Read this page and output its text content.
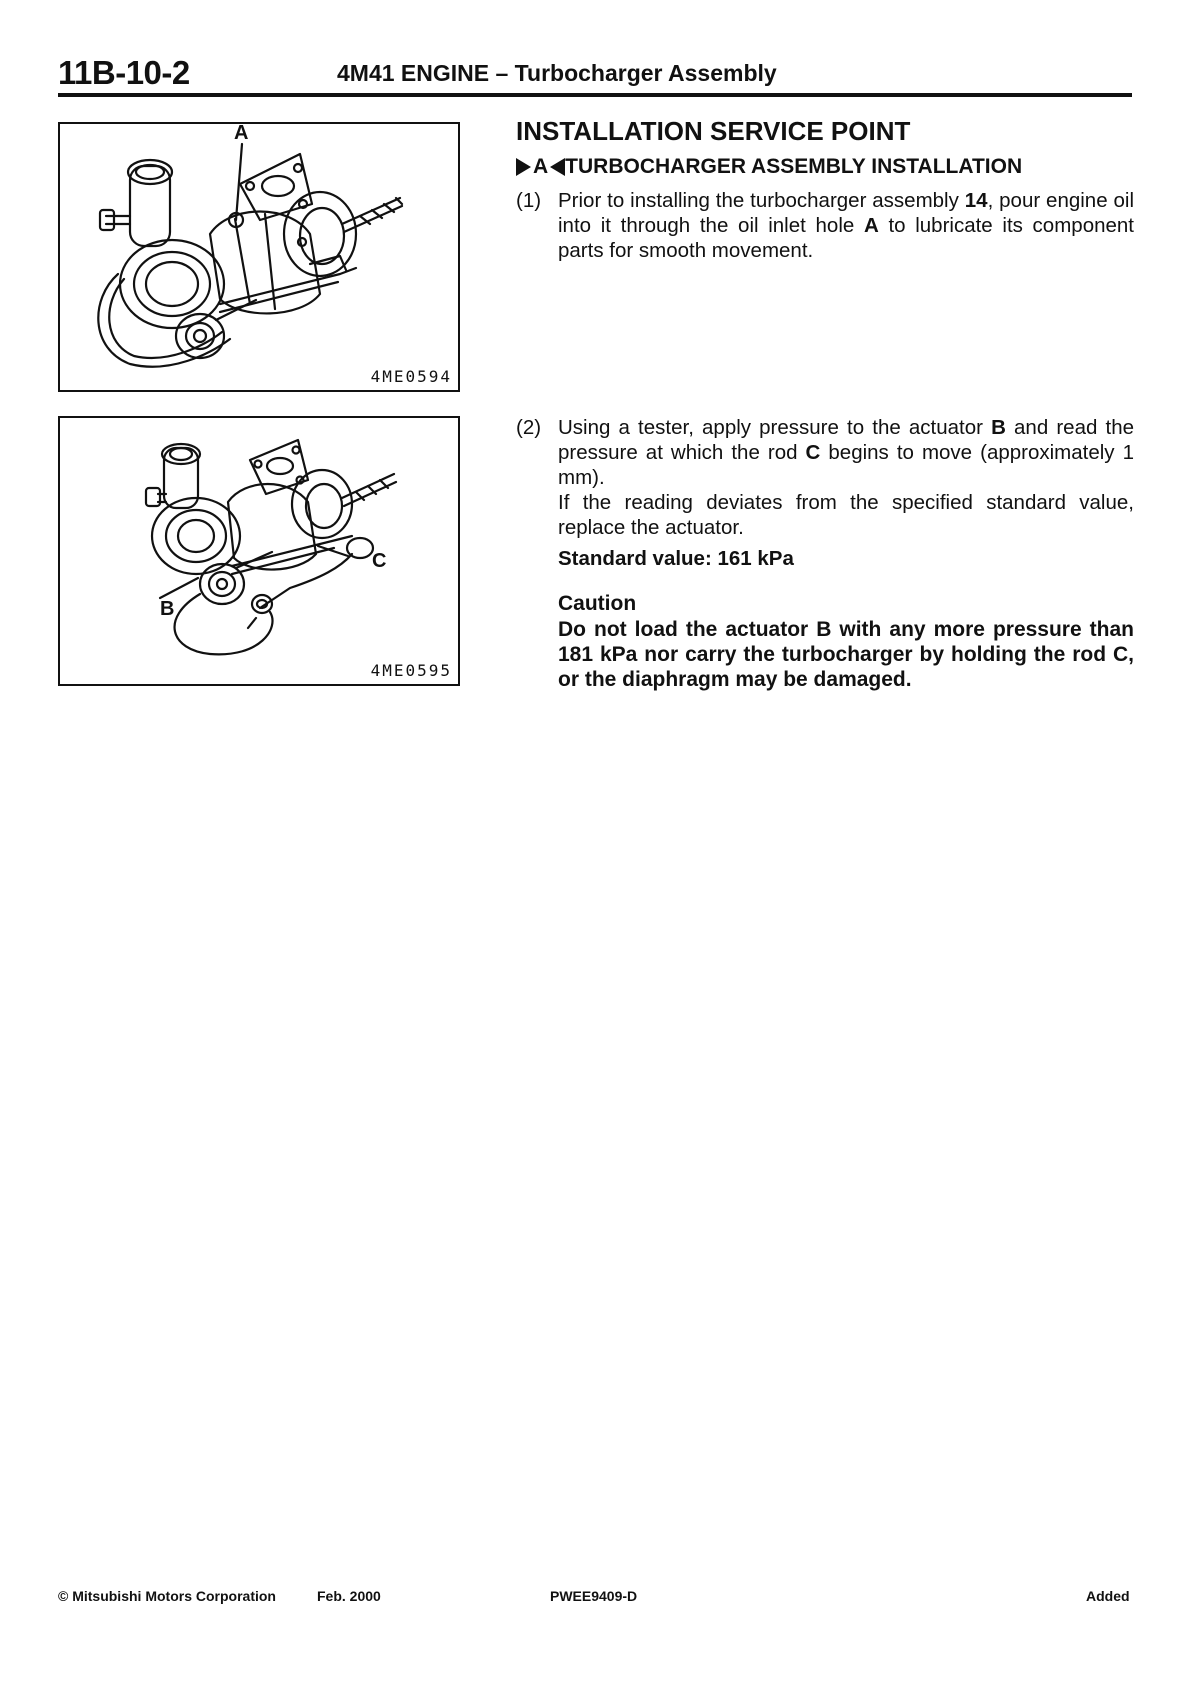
11B-10-2	4M41 ENGINE – Turbocharger Assembly
A
4ME0594
B
C
4ME0595
INSTALLATION SERVICE POINT
A TURBOCHARGER ASSEMBLY INSTALLATION
(1) Prior to installing the turbocharger assembly 14, pour engine oil into it through the oil inlet hole A to lubricate its component parts for smooth movement.
(2) Using a tester, apply pressure to the actuator B and read the pressure at which the rod C begins to move (approximately 1 mm).
If the reading deviates from the specified standard value, replace the actuator.
Standard value: 161 kPa
Caution
Do not load the actuator B with any more pressure than 181 kPa nor carry the turbocharger by holding the rod C, or the diaphragm may be damaged.
© Mitsubishi Motors Corporation	Feb. 2000	PWEE9409-D	Added
